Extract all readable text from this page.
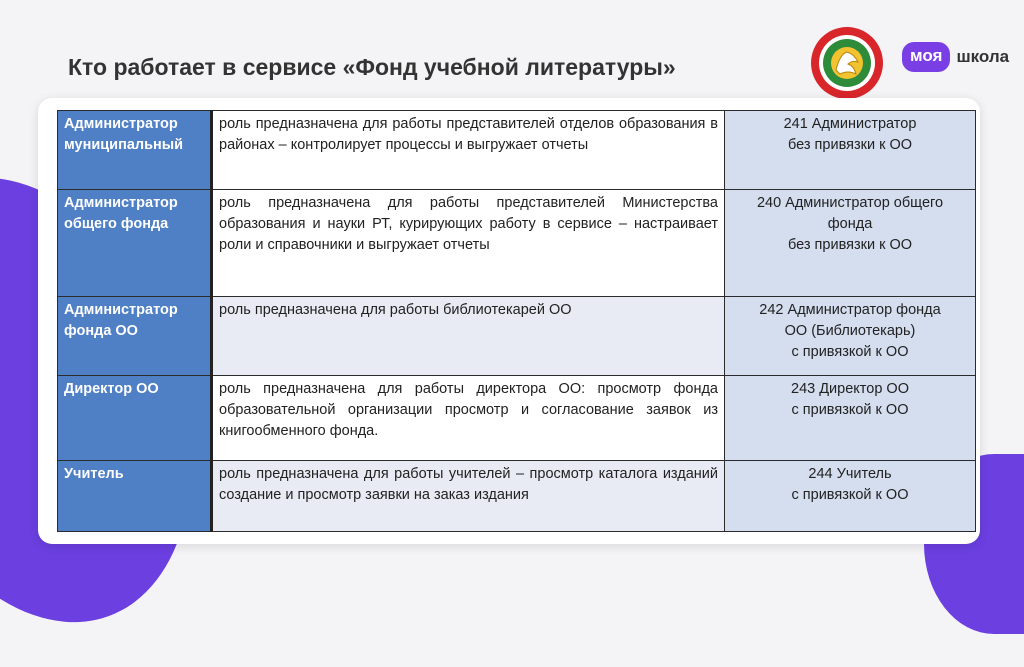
Кто работает в сервисе «Фонд учебной литературы»	моя школа
Администратор муниципальный	роль предназначена для работы представителей отделов образования в районах – контролирует процессы и выгружает отчеты	241 Администратор
без привязки к ОО

Администратор общего фонда	роль предназначена для работы представителей Министерства образования и науки РТ, курирующих работу в сервисе – настраивает роли и справочники и выгружает отчеты	240 Администратор общего
фонда
без привязки к ОО

Администратор фонда ОО	роль предназначена для работы библиотекарей ОО	242 Администратор фонда
ОО (Библиотекарь)
с привязкой к ОО

Директор ОО	роль предназначена для работы директора ОО: просмотр фонда образовательной организации просмотр и согласование заявок из книгообменного фонда.	243 Директор ОО
с привязкой к ОО

Учитель	роль предназначена для работы учителей – просмотр каталога изданий создание и просмотр заявки на заказ издания	244 Учитель
с привязкой к ОО
